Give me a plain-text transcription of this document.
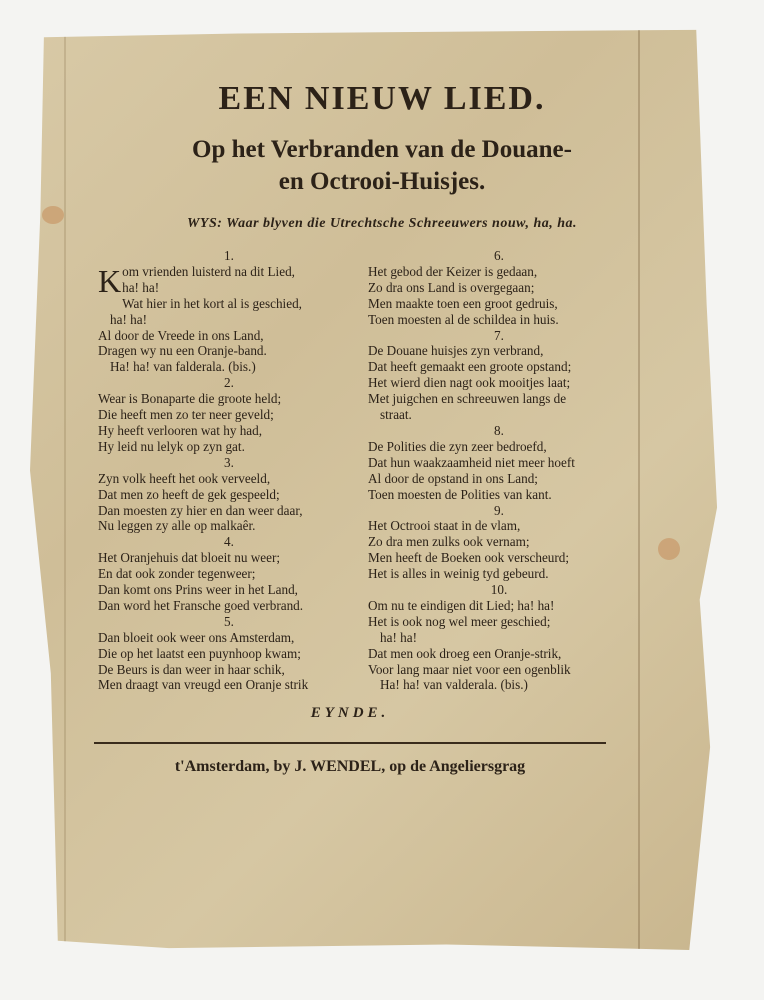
EEN NIEUW LIED.
Op het Verbranden van de Douane-
en Octrooi-Huisjes.
WYS: Waar blyven die Utrechtsche Schreeuwers nouw, ha, ha.
1.
Kom vrienden luisterd na dit Lied,
ha! ha!
Wat hier in het kort al is geschied,
ha! ha!
Al door de Vreede in ons Land,
Dragen wy nu een Oranje-band.
Ha! ha! van falderala. (bis.)
2.
Wear is Bonaparte die groote held;
Die heeft men zo ter neer geveld;
Hy heeft verlooren wat hy had,
Hy leid nu lelyk op zyn gat.
3.
Zyn volk heeft het ook verveeld,
Dat men zo heeft de gek gespeeld;
Dan moesten zy hier en dan weer daar,
Nu leggen zy alle op malkaêr.
4.
Het Oranjehuis dat bloeit nu weer;
En dat ook zonder tegenweer;
Dan komt ons Prins weer in het Land,
Dan word het Fransche goed verbrand.
5.
Dan bloeit ook weer ons Amsterdam,
Die op het laatst een puynhoop kwam;
De Beurs is dan weer in haar schik,
Men draagt van vreugd een Oranje strik
6.
Het gebod der Keizer is gedaan,
Zo dra ons Land is overgegaan;
Men maakte toen een groot gedruis,
Toen moesten al de schildea in huis.
7.
De Douane huisjes zyn verbrand,
Dat heeft gemaakt een groote opstand;
Het wierd dien nagt ook mooitjes laat;
Met juigchen en schreeuwen langs de
straat.
8.
De Polities die zyn zeer bedroefd,
Dat hun waakzaamheid niet meer hoeft
Al door de opstand in ons Land;
Toen moesten de Polities van kant.
9.
Het Octrooi staat in de vlam,
Zo dra men zulks ook vernam;
Men heeft de Boeken ook verscheurd;
Het is alles in weinig tyd gebeurd.
10.
Om nu te eindigen dit Lied; ha! ha!
Het is ook nog wel meer geschied;
ha! ha!
Dat men ook droeg een Oranje-strik,
Voor lang maar niet voor een ogenblik
Ha! ha! van valderala. (bis.)
EYNDE.
t'Amsterdam, by J. WENDEL, op de Angeliersgrag
